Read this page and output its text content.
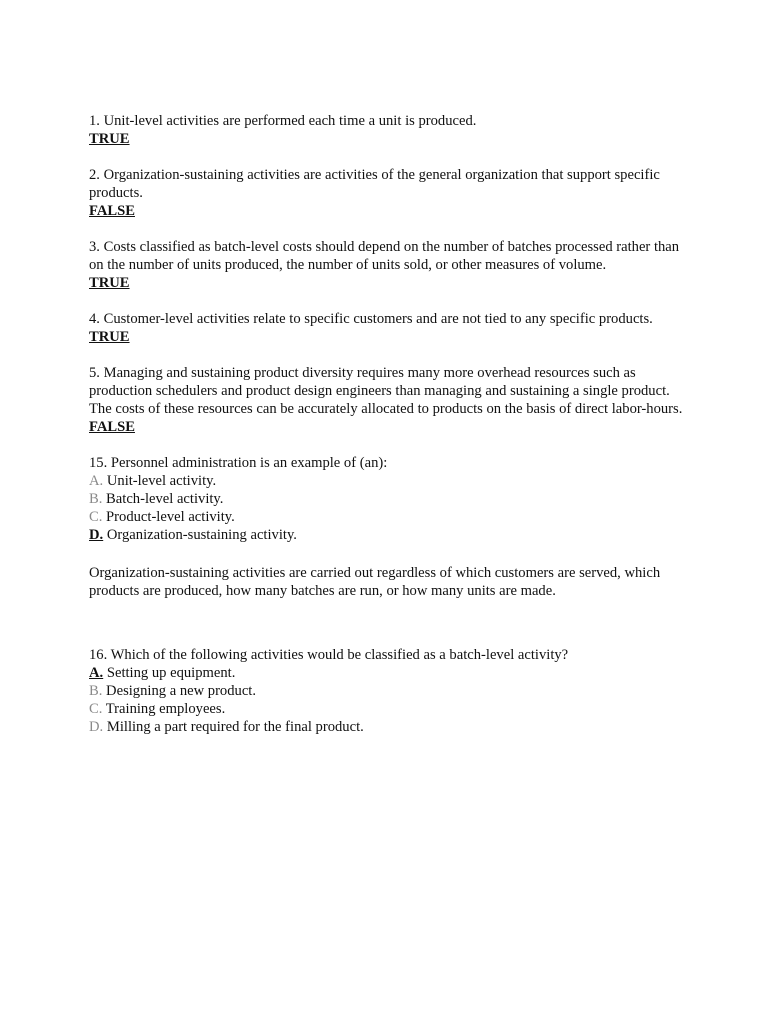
1. Unit-level activities are performed each time a unit is produced.

TRUE

2. Organization-sustaining activities are activities of the general organization that support specific products.

FALSE

3. Costs classified as batch-level costs should depend on the number of batches processed rather than on the number of units produced, the number of units sold, or other measures of volume.

TRUE

4. Customer-level activities relate to specific customers and are not tied to any specific products.

TRUE

5. Managing and sustaining product diversity requires many more overhead resources such as production schedulers and product design engineers than managing and sustaining a single product. The costs of these resources can be accurately allocated to products on the basis of direct labor-hours.

FALSE

15. Personnel administration is an example of (an):

A. Unit-level activity.

B. Batch-level activity.

C. Product-level activity.

D. Organization-sustaining activity.

Organization-sustaining activities are carried out regardless of which customers are served, which products are produced, how many batches are run, or how many units are made.

16. Which of the following activities would be classified as a batch-level activity?

A. Setting up equipment.

B. Designing a new product.

C. Training employees.

D. Milling a part required for the final product.
